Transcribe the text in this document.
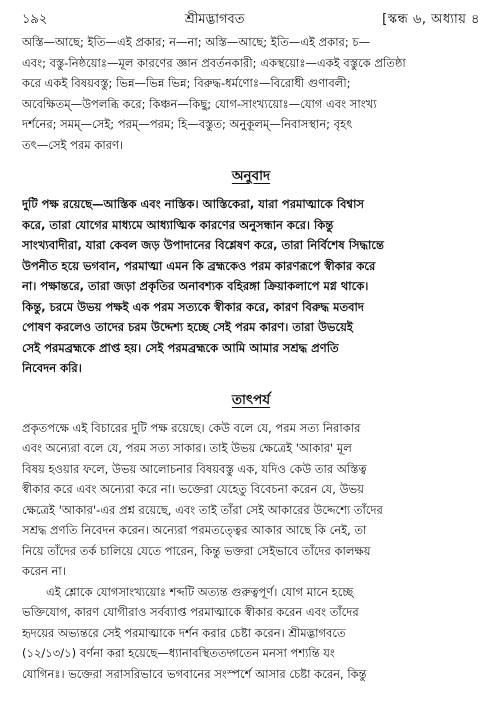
১৯২	শ্রীমদ্ভাগবত	[স্কন্ধ ৬, অধ্যায় ৪

অস্তি—আছে; ইতি—এই প্রকার; ন—না; অস্তি—আছে; ইতি—এই প্রকার; চ—

এবং; বস্তু-নিষ্ঠয়োঃ—মূল কারণের জ্ঞান প্রবর্তনকারী; একস্থয়োঃ—একই বস্তুকে প্রতিষ্ঠা

করে একই বিষয়বস্তু; ভিন্ন—ভিন্ন ভিন্ন; বিরুদ্ধ-ধর্মণোঃ—বিরোধী গুণাবলী;

অবেক্ষিতম্—উপলব্ধি করে; কিঞ্চন—কিছু; যোগ-সাংখ্যয়োঃ—যোগ এবং সাংখ্য

দর্শনের; সমম্—সেই; পরম্—পরম; হি—বস্তুত; অনুকূলম্—নিবাসস্থান; বৃহৎ

তৎ—সেই পরম কারণ।

অনুবাদ

দুটি পক্ষ রয়েছে—আস্তিক এবং নাস্তিক। আস্তিকেরা, যারা পরমাত্মাকে বিশ্বাস

করে, তারা যোগের মাধ্যমে আধ্যাত্মিক কারণের অনুসন্ধান করে। কিন্তু

সাংখ্যবাদীরা, যারা কেবল জড় উপাদানের বিশ্লেষণ করে, তারা নির্বিশেষ সিদ্ধান্তে

উপনীত হয়ে ভগবান, পরমাত্মা এমন কি ব্রহ্মকেও পরম কারণরূপে স্বীকার করে

না। পক্ষান্তরে, তারা জড়া প্রকৃতির অনাবশ্যক বহিরঙ্গা ক্রিয়াকলাপে মগ্ন থাকে।

কিন্তু, চরমে উভয় পক্ষই এক পরম সত্যকে স্বীকার করে, কারণ বিরুদ্ধ মতবাদ

পোষণ করলেও তাদের চরম উদ্দেশ্য হচ্ছে সেই পরম কারণ। তারা উভয়েই

সেই পরমব্রহ্মকে প্রাপ্ত হয়। সেই পরমব্রহ্মকে আমি আমার সশ্রদ্ধ প্রণতি

নিবেদন করি।

তাৎপর্য

প্রকৃতপক্ষে এই বিচারের দুটি পক্ষ রয়েছে। কেউ বলে যে, পরম সত্য নিরাকার

এবং অন্যেরা বলে যে, পরম সত্য সাকার। তাই উভয় ক্ষেত্রেই 'আকার' মূল

বিষয় হওয়ার ফলে, উভয় আলোচনার বিষয়বস্তু এক, যদিও কেউ তার অস্তিত্ব

স্বীকার করে এবং অন্যেরা করে না। ভক্তেরা যেহেতু বিবেচনা করেন যে, উভয়

ক্ষেত্রেই 'আকার'-এর প্রশ্ন রয়েছে, এবং তাই তাঁরা সেই আকারের উদ্দেশ্যে তাঁদের

সশ্রদ্ধ প্রণতি নিবেদন করেন। অন্যেরা পরমতত্ত্বের আকার আছে কি নেই, তা

নিয়ে তাঁদের তর্ক চালিয়ে যেতে পারেন, কিন্তু ভক্তরা সেইভাবে তাঁদের কালক্ষয়

করেন না।

এই শ্লোকে যোগসাংখ্যয়োঃ শব্দটি অত্যন্ত গুরুত্বপূর্ণ। যোগ মানে হচ্ছে

ভক্তিযোগ, কারণ যোগীরাও সর্বব্যাপ্ত পরমাত্মাকে স্বীকার করেন এবং তাঁদের

হৃদয়ের অভ্যন্তরে সেই পরমাত্মাকে দর্শন করার চেষ্টা করেন। শ্রীমদ্ভাগবতে

(১২/১৩/১) বর্ণনা করা হয়েছে—ধ্যানাবস্থিততদ্গতেন মনসা পশ্যন্তি যং

যোগিনঃ। ভক্তেরা সরাসরিভাবে ভগবানের সংস্পর্শে আসার চেষ্টা করেন, কিন্তু
